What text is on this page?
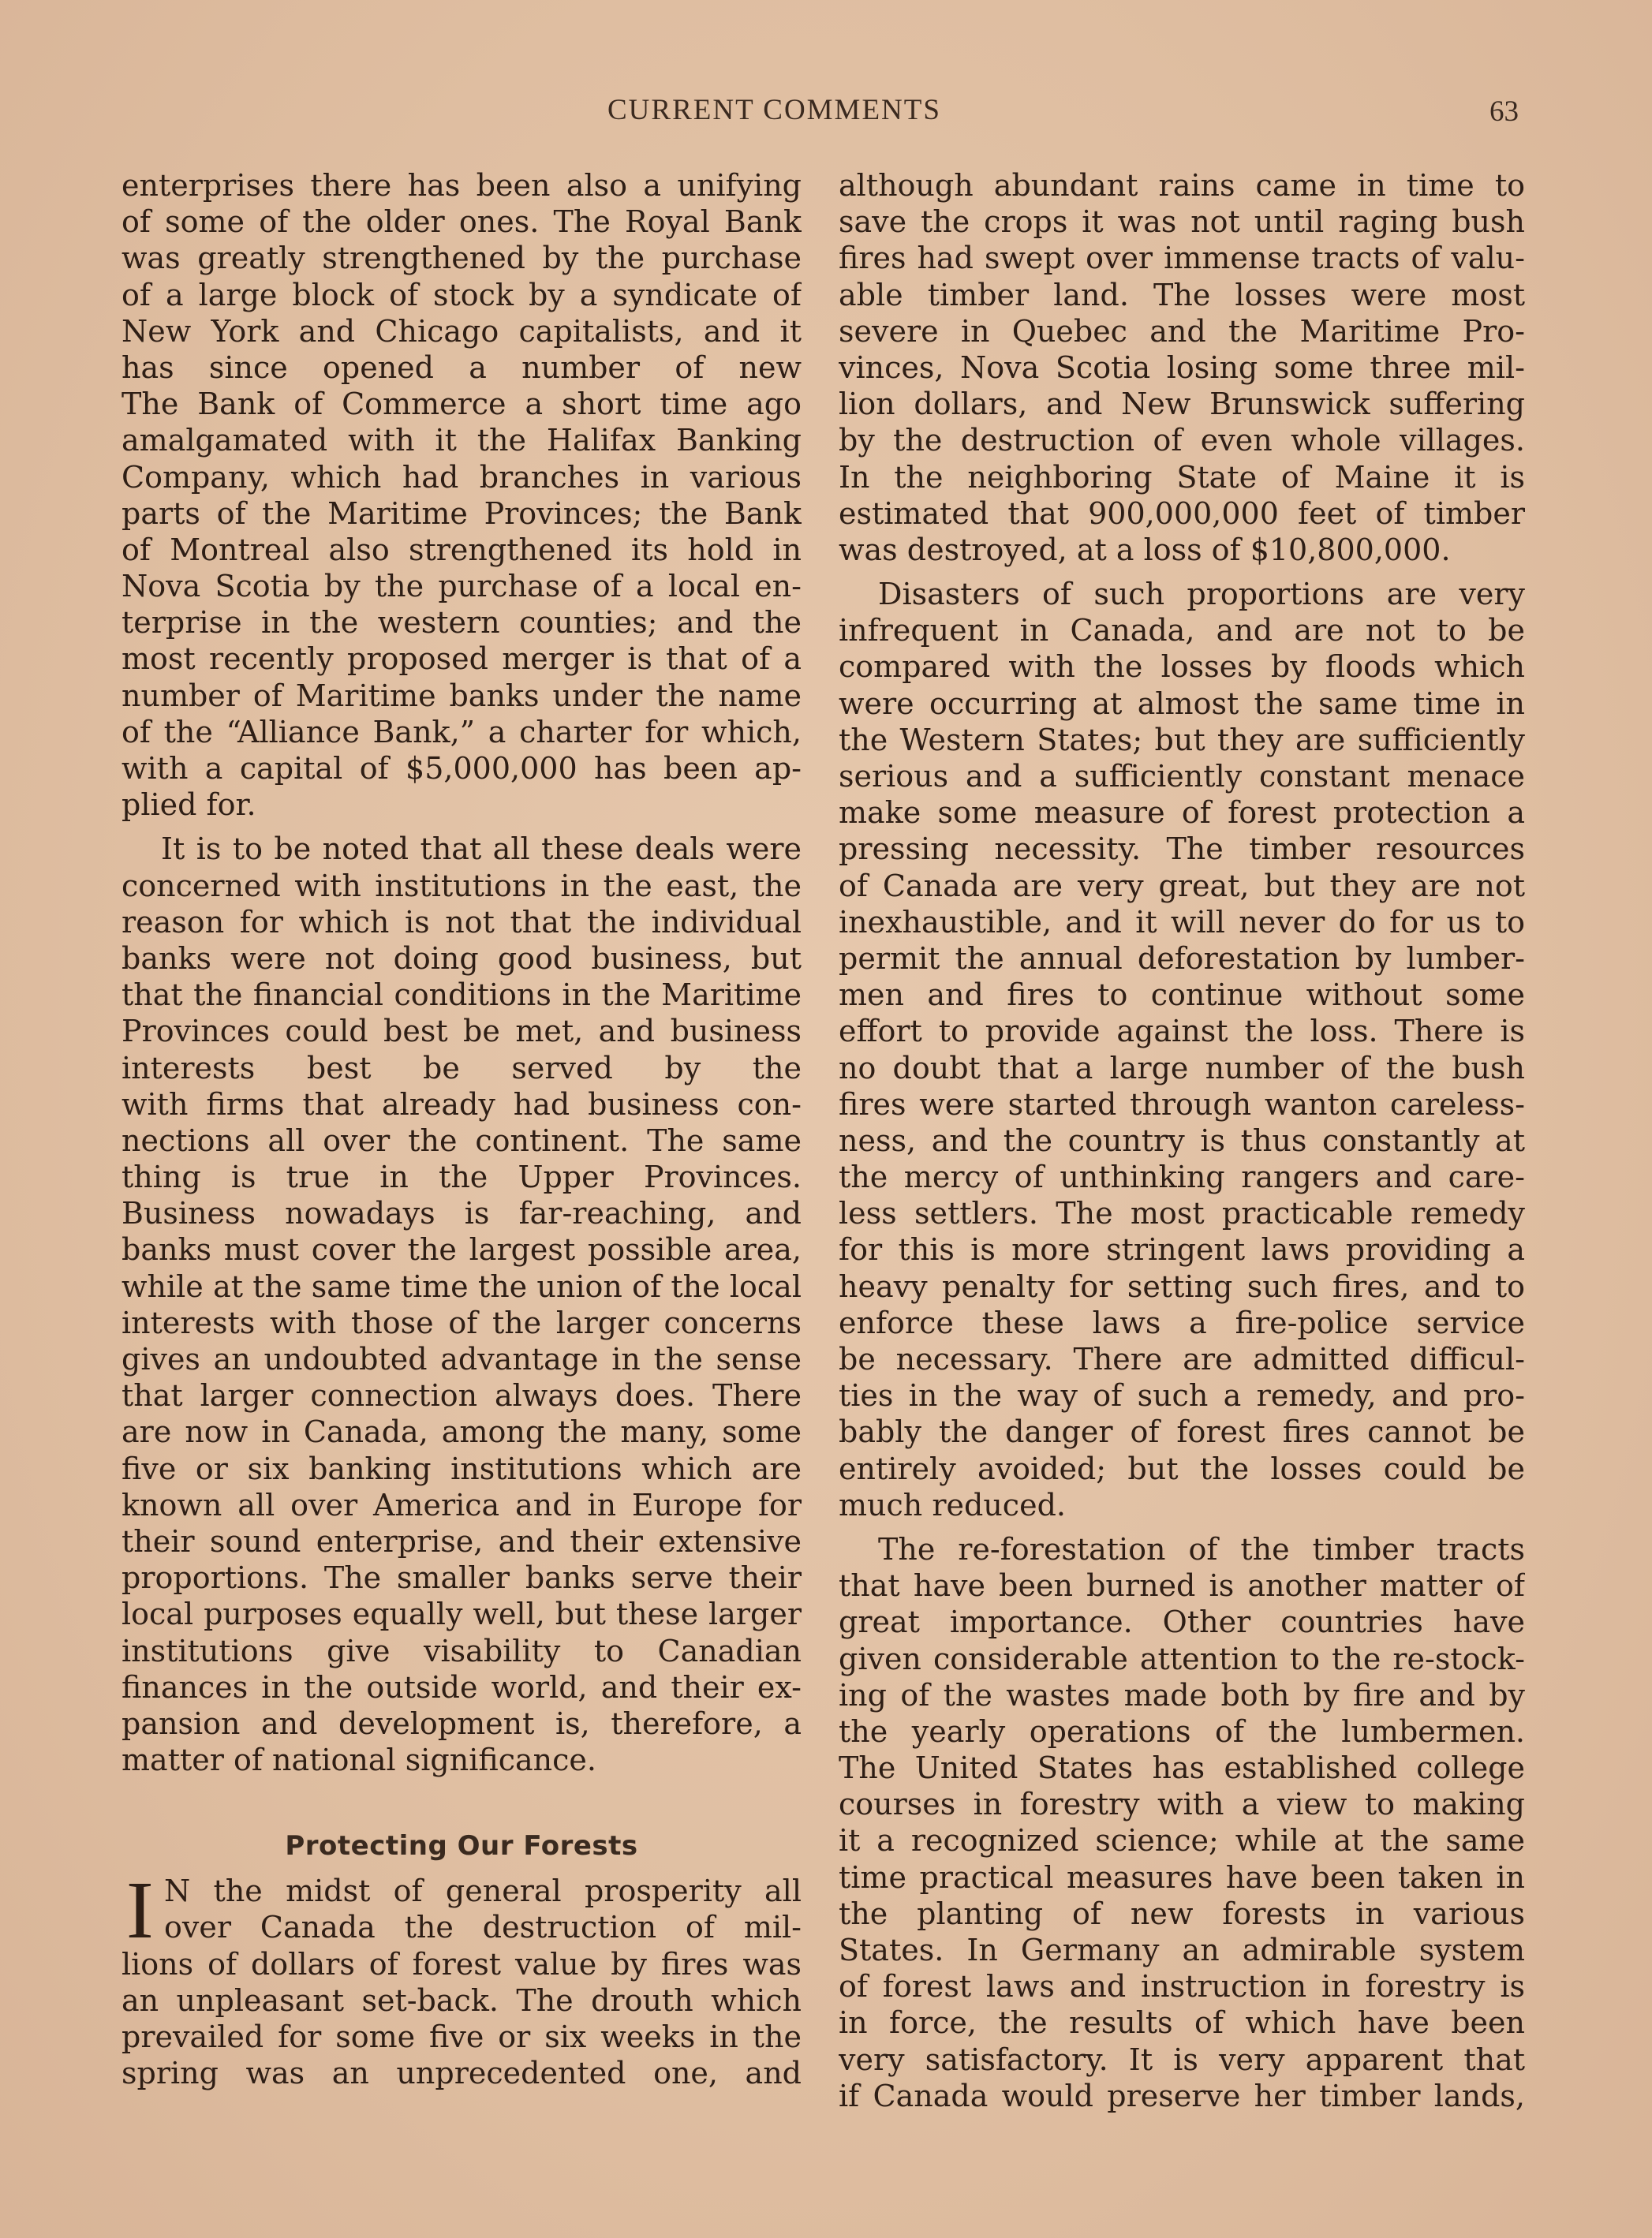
CURRENT COMMENTS	63
enterprises there has been also a unifying
of some of the older ones. The Royal Bank
was greatly strengthened by the purchase
of a large block of stock by a syndicate of
New York and Chicago capitalists, and it
has since opened a number of new
The Bank of Commerce a short time ago
amalgamated with it the Halifax Banking
Company, which had branches in various
parts of the Maritime Provinces; the Bank
of Montreal also strengthened its hold in
Nova Scotia by the purchase of a local en-
terprise in the western counties; and the
most recently proposed merger is that of a
number of Maritime banks under the name
of the “Alliance Bank,” a charter for which,
with a capital of $5,000,000 has been ap-
plied for.
It is to be noted that all these deals were
concerned with institutions in the east, the
reason for which is not that the individual
banks were not doing good business, but
that the financial conditions in the Maritime
Provinces could best be met, and business
interests best be served by the
with firms that already had business con-
nections all over the continent. The same
thing is true in the Upper Provinces.
Business nowadays is far-reaching, and
banks must cover the largest possible area,
while at the same time the union of the local
interests with those of the larger concerns
gives an undoubted advantage in the sense
that larger connection always does. There
are now in Canada, among the many, some
five or six banking institutions which are
known all over America and in Europe for
their sound enterprise, and their extensive
proportions. The smaller banks serve their
local purposes equally well, but these larger
institutions give visability to Canadian
finances in the outside world, and their ex-
pansion and development is, therefore, a
matter of national significance.
Protecting Our Forests
I N the midst of general prosperity all
over Canada the destruction of mil-
lions of dollars of forest value by fires was
an unpleasant set-back. The drouth which
prevailed for some five or six weeks in the
spring was an unprecedented one, and
although abundant rains came in time to
save the crops it was not until raging bush
fires had swept over immense tracts of valu-
able timber land. The losses were most
severe in Quebec and the Maritime Pro-
vinces, Nova Scotia losing some three mil-
lion dollars, and New Brunswick suffering
by the destruction of even whole villages.
In the neighboring State of Maine it is
estimated that 900,000,000 feet of timber
was destroyed, at a loss of $10,800,000.
Disasters of such proportions are very
infrequent in Canada, and are not to be
compared with the losses by floods which
were occurring at almost the same time in
the Western States; but they are sufficiently
serious and a sufficiently constant menace
make some measure of forest protection a
pressing necessity. The timber resources
of Canada are very great, but they are not
inexhaustible, and it will never do for us to
permit the annual deforestation by lumber-
men and fires to continue without some
effort to provide against the loss. There is
no doubt that a large number of the bush
fires were started through wanton careless-
ness, and the country is thus constantly at
the mercy of unthinking rangers and care-
less settlers. The most practicable remedy
for this is more stringent laws providing a
heavy penalty for setting such fires, and to
enforce these laws a fire-police service
be necessary. There are admitted difficul-
ties in the way of such a remedy, and pro-
bably the danger of forest fires cannot be
entirely avoided; but the losses could be
much reduced.
The re-forestation of the timber tracts
that have been burned is another matter of
great importance. Other countries have
given considerable attention to the re-stock-
ing of the wastes made both by fire and by
the yearly operations of the lumbermen.
The United States has established college
courses in forestry with a view to making
it a recognized science; while at the same
time practical measures have been taken in
the planting of new forests in various
States. In Germany an admirable system
of forest laws and instruction in forestry is
in force, the results of which have been
very satisfactory. It is very apparent that
if Canada would preserve her timber lands,
